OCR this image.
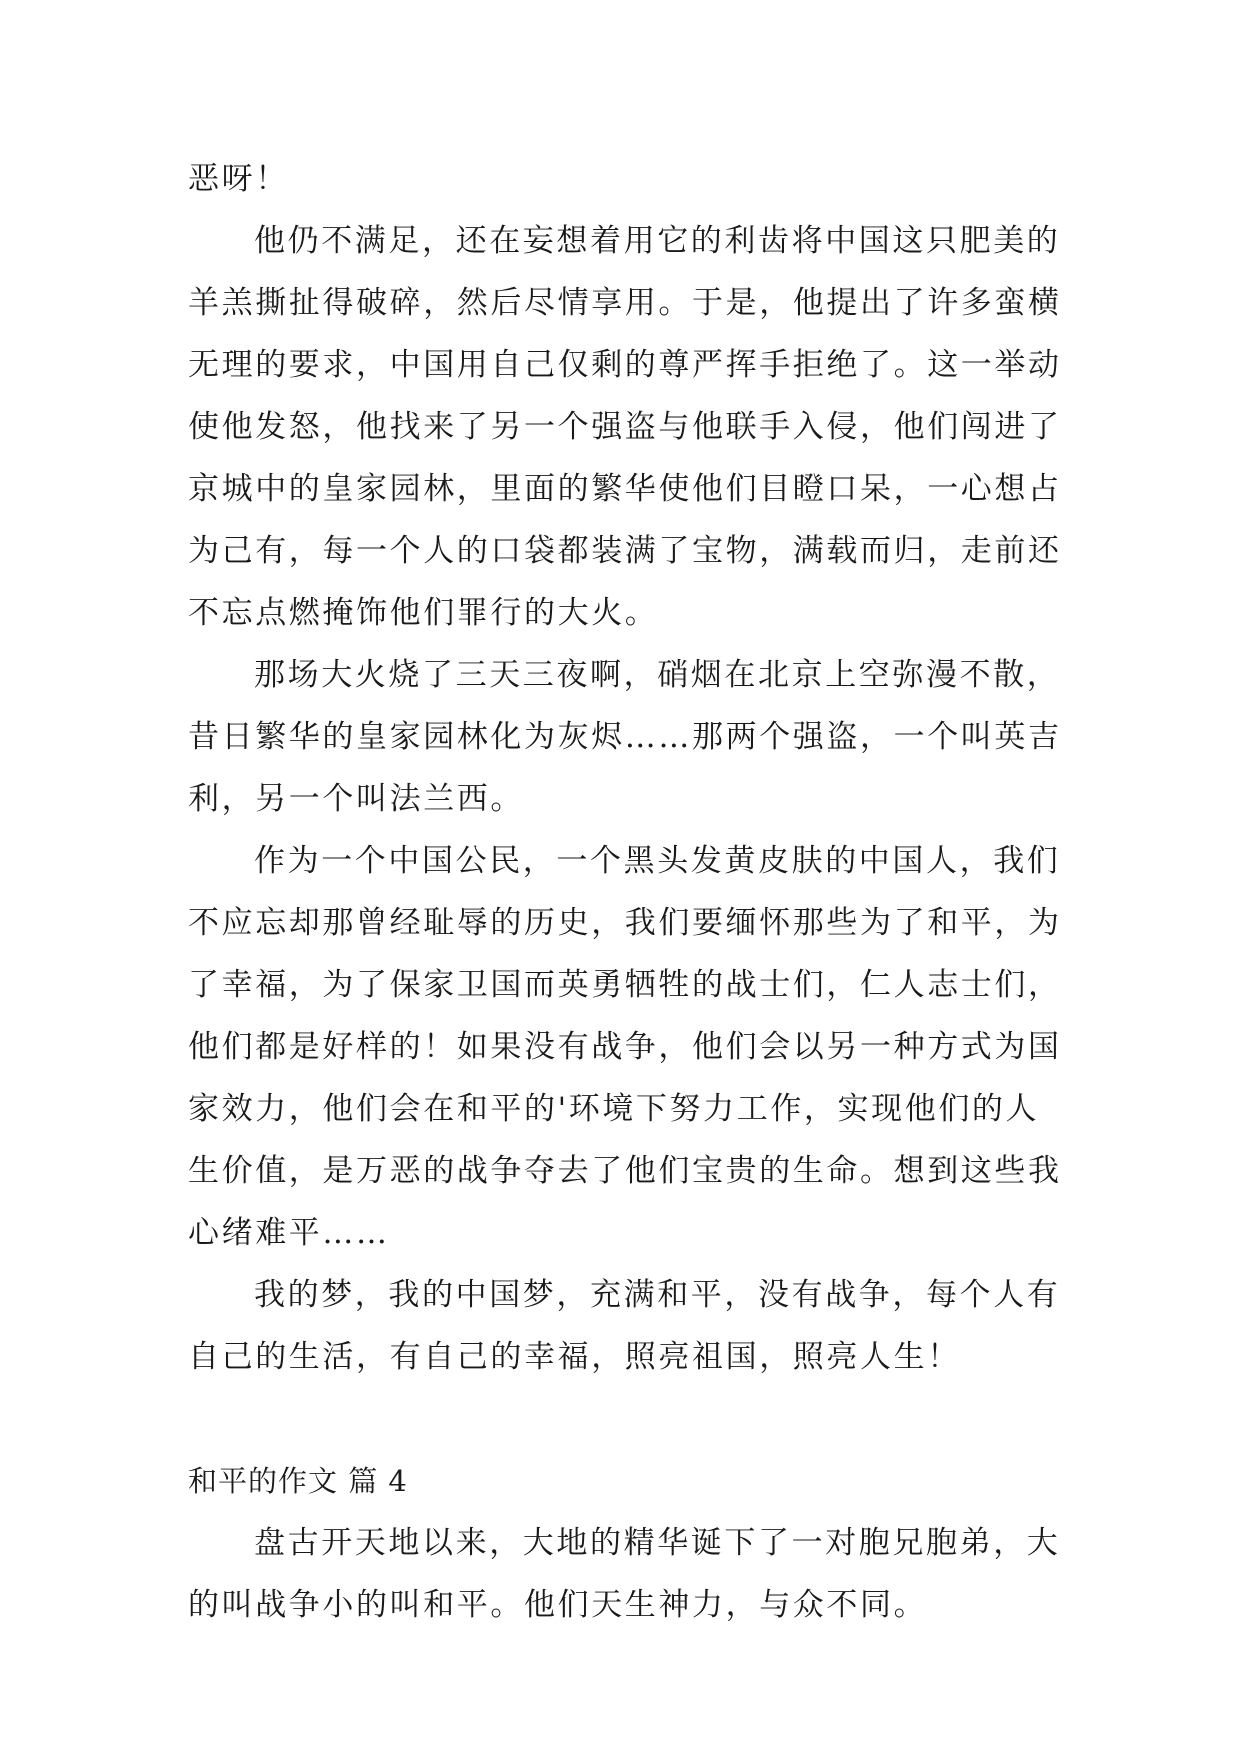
恶呀！
他仍不满足，还在妄想着用它的利齿将中国这只肥美的
羊羔撕扯得破碎，然后尽情享用。于是，他提出了许多蛮横
无理的要求，中国用自己仅剩的尊严挥手拒绝了。这一举动
使他发怒，他找来了另一个强盗与他联手入侵，他们闯进了
京城中的皇家园林，里面的繁华使他们目瞪口呆，一心想占
为己有，每一个人的口袋都装满了宝物，满载而归，走前还
不忘点燃掩饰他们罪行的大火。
那场大火烧了三天三夜啊，硝烟在北京上空弥漫不散，
昔日繁华的皇家园林化为灰烬……那两个强盗，一个叫英吉
利，另一个叫法兰西。
作为一个中国公民，一个黑头发黄皮肤的中国人，我们
不应忘却那曾经耻辱的历史，我们要缅怀那些为了和平，为
了幸福，为了保家卫国而英勇牺牲的战士们，仁人志士们，
他们都是好样的！如果没有战争，他们会以另一种方式为国
家效力，他们会在和平的'环境下努力工作，实现他们的人
生价值，是万恶的战争夺去了他们宝贵的生命。想到这些我
心绪难平……
我的梦，我的中国梦，充满和平，没有战争，每个人有
自己的生活，有自己的幸福，照亮祖国，照亮人生！
和平的作文 篇 4
盘古开天地以来，大地的精华诞下了一对胞兄胞弟，大
的叫战争小的叫和平。他们天生神力，与众不同。
